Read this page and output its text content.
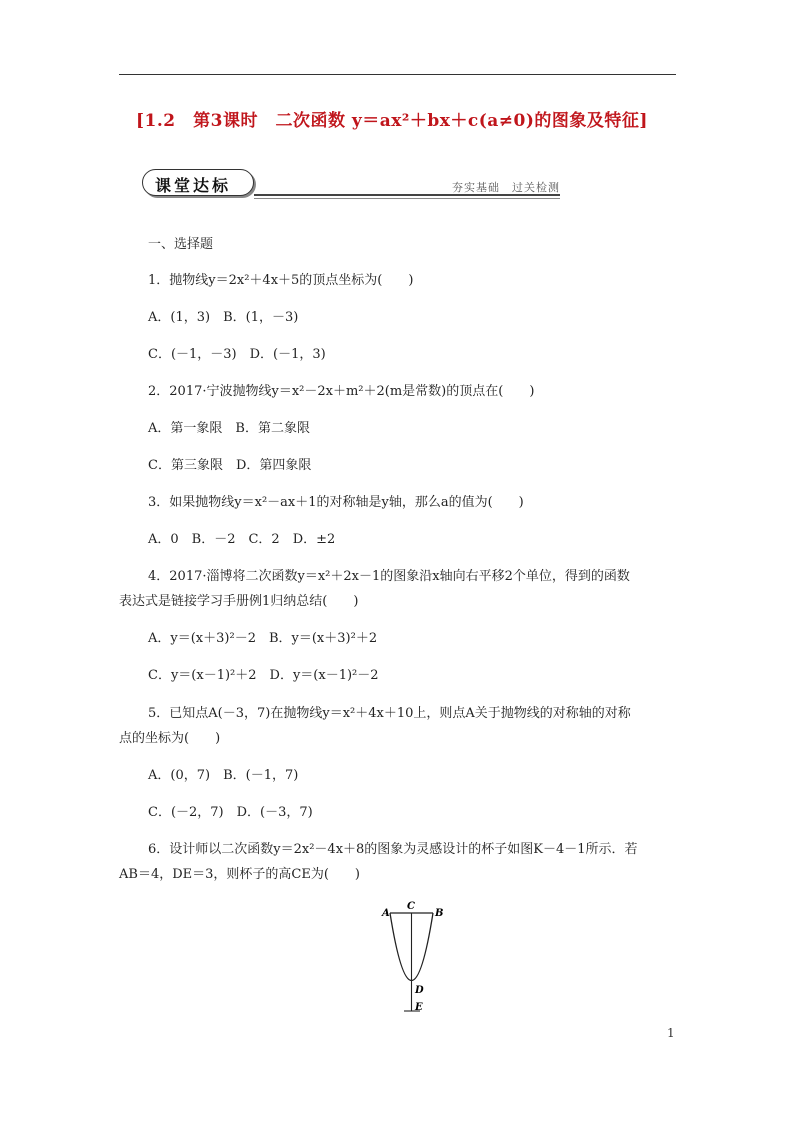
[1.2　第3课时　二次函数 y＝ax²＋bx＋c(a≠0)的图象及特征]
课堂达标	夯实基础　过关检测
一、选择题
1．抛物线y＝2x²＋4x＋5的顶点坐标为(　　)
A．(1，3)　B．(1，－3)
C．(－1，－3)　D．(－1，3)
2．2017·宁波抛物线y＝x²－2x＋m²＋2(m是常数)的顶点在(　　)
A．第一象限　B．第二象限
C．第三象限　D．第四象限
3．如果抛物线y＝x²－ax＋1的对称轴是y轴，那么a的值为(　　)
A．0　B．－2　C．2　D．±2
4．2017·淄博将二次函数y＝x²＋2x－1的图象沿x轴向右平移2个单位，得到的函数
表达式是链接学习手册例1归纳总结(　　)
A．y＝(x＋3)²－2　B．y＝(x＋3)²＋2
C．y＝(x－1)²＋2　D．y＝(x－1)²－2
5．已知点A(－3，7)在抛物线y＝x²＋4x＋10上，则点A关于抛物线的对称轴的对称
点的坐标为(　　)
A．(0，7)　B．(－1，7)
C．(－2，7)　D．(－3，7)
6．设计师以二次函数y＝2x²－4x＋8的图象为灵感设计的杯子如图K－4－1所示．若
AB＝4，DE＝3，则杯子的高CE为(　　)
A	B
C
D
E
1
